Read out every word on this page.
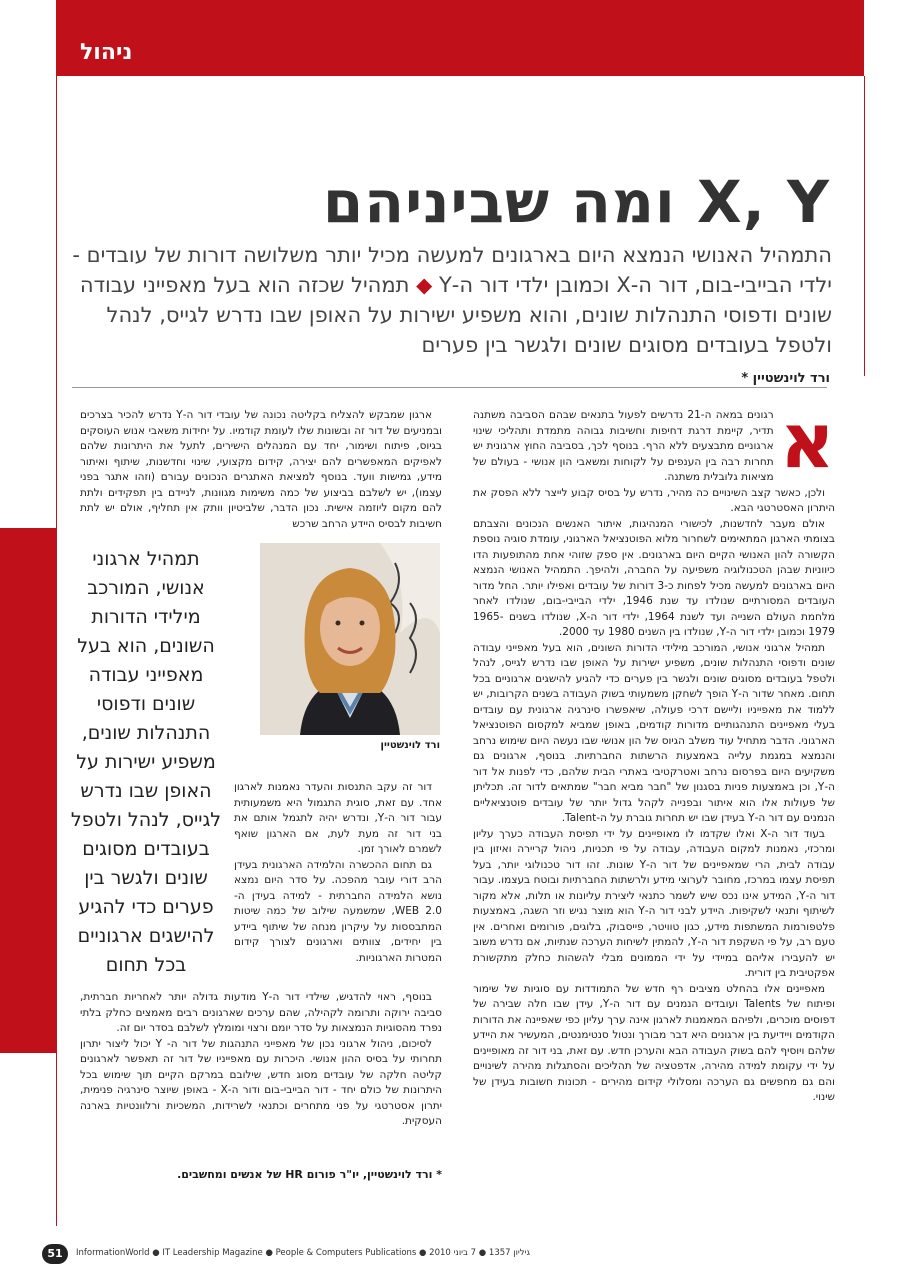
ניהול
X, Y ומה שביניהם
התמהיל האנושי הנמצא היום בארגונים למעשה מכיל יותר משלושה דורות של עובדים - ילדי הבייבי-בום, דור ה-X וכמובן ילדי דור ה-Y ◆ תמהיל שכזה הוא בעל מאפייני עבודה שונים ודפוסי התנהלות שונים, והוא משפיע ישירות על האופן שבו נדרש לגייס, לנהל ולטפל בעובדים מסוגים שונים ולגשר בין פערים
ורד לוינשטיין *
א

רגונים במאה ה-21 נדרשים לפעול בתנאים שבהם הסביבה משתנה תדיר, קיימת דרגת דחיפות וחשיבות גבוהה מתמדת ותהליכי שינוי ארגוניים מתבצעים ללא הרף. בנוסף לכך, בסביבה החוץ ארגונית יש תחרות רבה בין הענפים על לקוחות ומשאבי הון אנושי - בעולם של מציאות גלובלית משתנה.

ולכן, כאשר קצב השינויים כה מהיר, נדרש על בסיס קבוע לייצר ללא הפסק את היתרון האסטרטגי הבא.

אולם מעבר לחדשנות, לכישורי המנהיגות, איתור האנשים הנכונים והצבתם בצומתי הארגון המתאימים לשחרור מלוא הפוטנציאל הארגוני, עומדת סוגיה נוספת הקשורה להון האנושי הקיים היום בארגונים. אין ספק שזוהי אחת מהתופעות הדו כיווניות שבהן הטכנולוגיה משפיעה על החברה, ולהיפך. התמהיל האנושי הנמצא היום בארגונים למעשה מכיל לפחות כ-3 דורות של עובדים ואפילו יותר. החל מדור העובדים המסורתיים שנולדו עד שנת 1946, ילדי הבייבי-בום, שנולדו לאחר מלחמת העולם השנייה ועד לשנת 1964, ילדי דור ה-X, שנולדו בשנים 1965-1979 וכמובן ילדי דור ה-Y, שנולדו בין השנים 1980 עד 2000.

תמהיל ארגוני אנושי, המורכב מילידי הדורות השונים, הוא בעל מאפייני עבודה שונים ודפוסי התנהלות שונים, משפיע ישירות על האופן שבו נדרש לגייס, לנהל ולטפל בעובדים מסוגים שונים ולגשר בין פערים כדי להגיע להישגים ארגוניים בכל תחום. מאחר שדור ה-Y הופך לשחקן משמעותי בשוק העבודה בשנים הקרובות, יש ללמוד את מאפייניו וליישם דרכי פעולה, שיאפשרו סינרגיה ארגונית עם עובדים בעלי מאפיינים התנהגותיים מדורות קודמים, באופן שמביא למקסום הפוטנציאל הארגוני. הדבר מתחיל עוד משלב הגיוס של הון אנושי שבו נעשה היום שימוש נרחב והנמצא במגמת עלייה באמצעות הרשתות החברתיות. בנוסף, ארגונים גם משקיעים היום בפרסום נרחב ואטרקטיבי באתרי הבית שלהם, כדי לפנות אל דור ה-Y, וכן באמצעות פניות בסגנון של "חבר מביא חבר" שמתאים לדור זה. תכליתן של פעולות אלו הוא איתור ובפנייה לקהל גדול יותר של עובדים פוטנציאליים הנמנים עם דור ה-Y בעידן שבו יש תחרות גוברת על ה-Talent.

בעוד דור ה-X ואלו שקדמו לו מאופיינים על ידי תפיסת העבודה כערך עליון ומרכזי, נאמנות למקום העבודה, עבודה על פי תכניות, ניהול קריירה ואיזון בין עבודה לבית, הרי שמאפיינים של דור ה-Y שונות. זהו דור טכנולוגי יותר, בעל תפיסת עצמו במרכז, מחובר לערוצי מידע ולרשתות החברתיות ובוטח בעצמו. עבור דור ה-Y, המידע אינו נכס שיש לשמר כתנאי ליצירת עליונות או תלות, אלא מקור לשיתוף ותנאי לשקיפות. היידע לבני דור ה-Y הוא מוצר נגיש וזר השגה, באמצעות פלטפורמות המשתפות מידע, כגון טוויטר, פייסבוק, בלוגים, פורומים ואחרים. אין טעם רב, על פי השקפת דור ה-Y, להמתין לשיחות הערכה שנתיות, אם נדרש משוב יש להעבירו אליהם במיידי על ידי הממונים מבלי להשהות כחלק מתקשורת אפקטיבית בין דורית.

מאפיינים אלו בהחלט מציבים רף חדש של התמודדות עם סוגיות של שימור ופיתוח של Talents ועובדים הנמנים עם דור ה-Y, עידן שבו חלה שבירה של דפוסים מוכרים, ולפיהם המאמנות לארגון אינה ערך עליון כפי שאפיינה את הדורות הקודמים ויידיעת בין ארגונים היא דבר מבורך ונטול סנטימנטים, המעשיר את היידע שלהם ויוסיף להם בשוק העבודה הבא והערכן חדש. עם זאת, בני דור זה מאופיינים על ידי עקומת למידה מהירה, אדפטציה של תהליכים והסתגלות מהירה לשינויים והם גם מחפשים גם הערכה ומסלולי קידום מהירים - תכונות חשובות בעידן של שינוי.

ארגון שמבקש להצליח בקליטה נכונה של עובדי דור ה-Y נדרש להכיר בצרכים ובמניעים של דור זה ובשונות שלו לעומת קודמיו. על יחידות משאבי אנוש העוסקים בגיוס, פיתוח ושימור, יחד עם המנהלים הישירים, לתעל את היתרונות שלהם לאפיקים המאפשרים להם יצירה, קידום מקצועי, שינוי וחדשנות, שיתוף ואיתור מידע, גמישות וועד. בנוסף למציאת האתגרים הנכונים עבורם (וזהו אתגר בפני עצמו), יש לשלבם בביצוע של כמה משימות מגוונות, לניידם בין תפקידים ולתת להם מקום ליוזמה אישית. נכון הדבר, שלביטיון וותק אין תחליף, אולם יש לתת חשיבות לבסיס היידע הרחב שרכש

ורד לוינשטיין
תמהיל ארגוני אנושי, המורכב מילידי הדורות השונים, הוא בעל מאפייני עבודה שונים ודפוסי התנהלות שונים, משפיע ישירות על האופן שבו נדרש לגייס, לנהל ולטפל בעובדים מסוגים שונים ולגשר בין פערים כדי להגיע להישגים ארגוניים בכל תחום

דור זה עקב התנסות והעדר נאמנות לארגון אחד. עם זאת, סוגית התגמול היא משמעותית עבור דור ה-Y, ונדרש יהיה לתגמל אותם את בני דור זה מעת לעת, אם הארגון שואף לשמרם לאורך זמן.

גם תחום ההכשרה והלמידה הארגונית בעידן הרב דורי עובר מהפכה. על סדר היום נמצא נושא הלמידה החברתית - למידה בעידן ה-WEB 2.0, שמשמעה שילוב של כמה שיטות המתבססות על עיקרון מנחה של שיתוף ביידע בין יחידים, צוותים וארגונים לצורך קידום המטרות הארגוניות.

בנוסף, ראוי להדגיש, שילדי דור ה-Y מודעות גדולה יותר לאחריות חברתית, סביבה ירוקה ותרומה לקהילה, שהם ערכים שארגונים רבים מאמצים כחלק בלתי נפרד מהסוגיות הנמצאות על סדר יומם ורצוי ומומלץ לשלבם בסדר יום זה.

לסיכום, ניהול ארגוני נכון של מאפייני התנהגות של דור ה- Y יכול ליצור יתרון תחרותי על בסיס ההון אנושי. היכרות עם מאפייניו של דור זה תאפשר לארגונים קליטה חלקה של עובדים מסוג חדש, שילובם במרקם הקיים תוך שימוש בכל היתרונות של כולם יחד - דור הבייבי-בום ודור ה-X - באופן שיוצר סינרגיה פנימית, יתרון אסטרטגי על פני מתחרים וכתנאי לשרידות, המשכיות ורלוונטיות בארנה העסקית.

* ורד לוינשטיין, יו"ר פורום HR של אנשים ומחשבים.
51	InformationWorld ● IT Leadership Magazine ● People & Computers Publications ● גיליון 1357 ● 7 ביוני 2010
